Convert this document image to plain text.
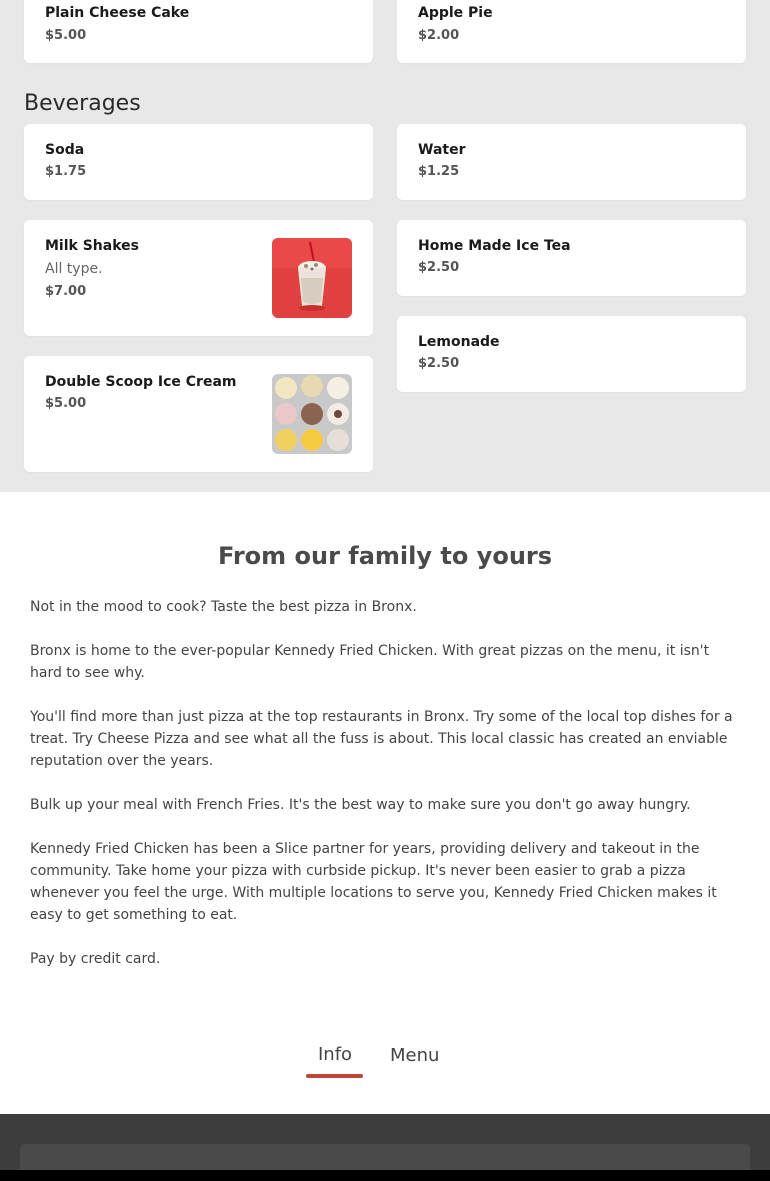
Plain Cheese Cake
$5.00
Apple Pie
$2.00
Beverages
Soda
$1.75
Milk Shakes
All type.
$7.00
Double Scoop Ice Cream
$5.00
Water
$1.25
Home Made Ice Tea
$2.50
Lemonade
$2.50
From our family to yours

Not in the mood to cook? Taste the best pizza in Bronx.

Bronx is home to the ever-popular Kennedy Fried Chicken. With great pizzas on the menu, it isn't hard to see why.

You'll find more than just pizza at the top restaurants in Bronx. Try some of the local top dishes for a treat. Try Cheese Pizza and see what all the fuss is about. This local classic has created an enviable reputation over the years.

Bulk up your meal with French Fries. It's the best way to make sure you don't go away hungry.

Kennedy Fried Chicken has been a Slice partner for years, providing delivery and takeout in the community. Take home your pizza with curbside pickup. It's never been easier to grab a pizza whenever you feel the urge. With multiple locations to serve you, Kennedy Fried Chicken makes it easy to get something to eat.

Pay by credit card.

Info Menu
